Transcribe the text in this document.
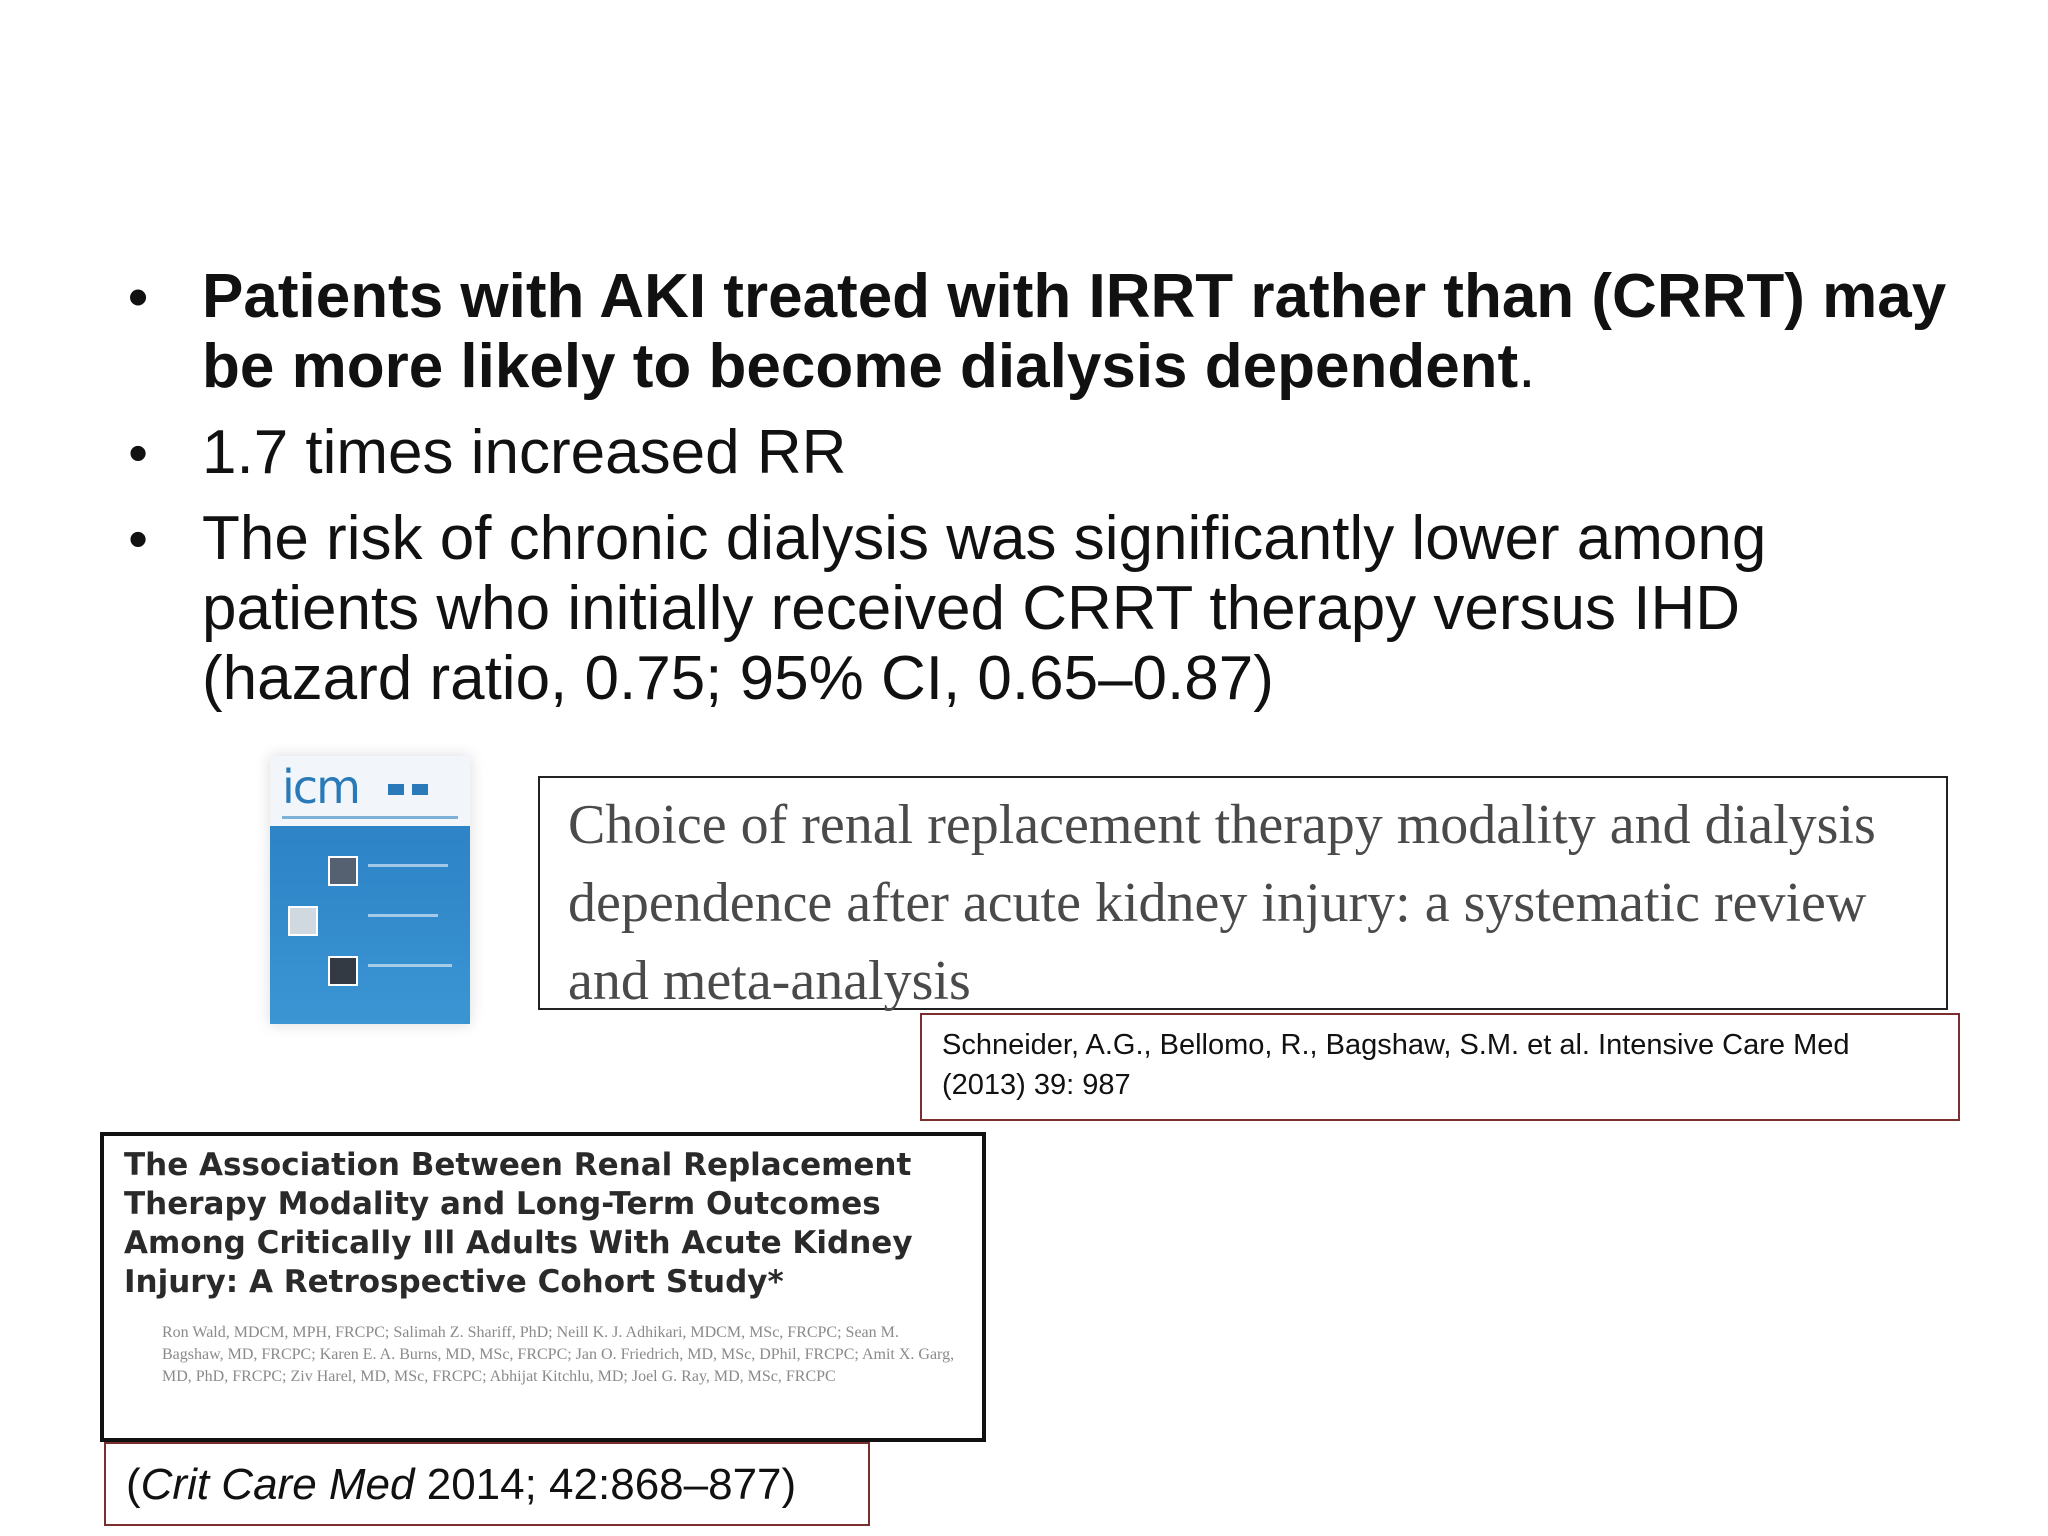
• Patients with AKI treated with IRRT rather than (CRRT) may be more likely to become dialysis dependent.
• 1.7 times increased RR
• The risk of chronic dialysis was significantly lower among patients who initially received CRRT therapy versus IHD (hazard ratio, 0.75; 95% CI, 0.65–0.87)
icm
Choice of renal replacement therapy modality and dialysis dependence after acute kidney injury: a systematic review and meta-analysis
Schneider, A.G., Bellomo, R., Bagshaw, S.M. et al. Intensive Care Med (2013) 39: 987

The Association Between Renal Replacement Therapy Modality and Long-Term Outcomes Among Critically Ill Adults With Acute Kidney Injury: A Retrospective Cohort Study*

Ron Wald, MDCM, MPH, FRCPC; Salimah Z. Shariff, PhD; Neill K. J. Adhikari, MDCM, MSc, FRCPC; Sean M. Bagshaw, MD, FRCPC; Karen E. A. Burns, MD, MSc, FRCPC; Jan O. Friedrich, MD, MSc, DPhil, FRCPC; Amit X. Garg, MD, PhD, FRCPC; Ziv Harel, MD, MSc, FRCPC; Abhijat Kitchlu, MD; Joel G. Ray, MD, MSc, FRCPC
(Crit Care Med 2014; 42:868–877)
